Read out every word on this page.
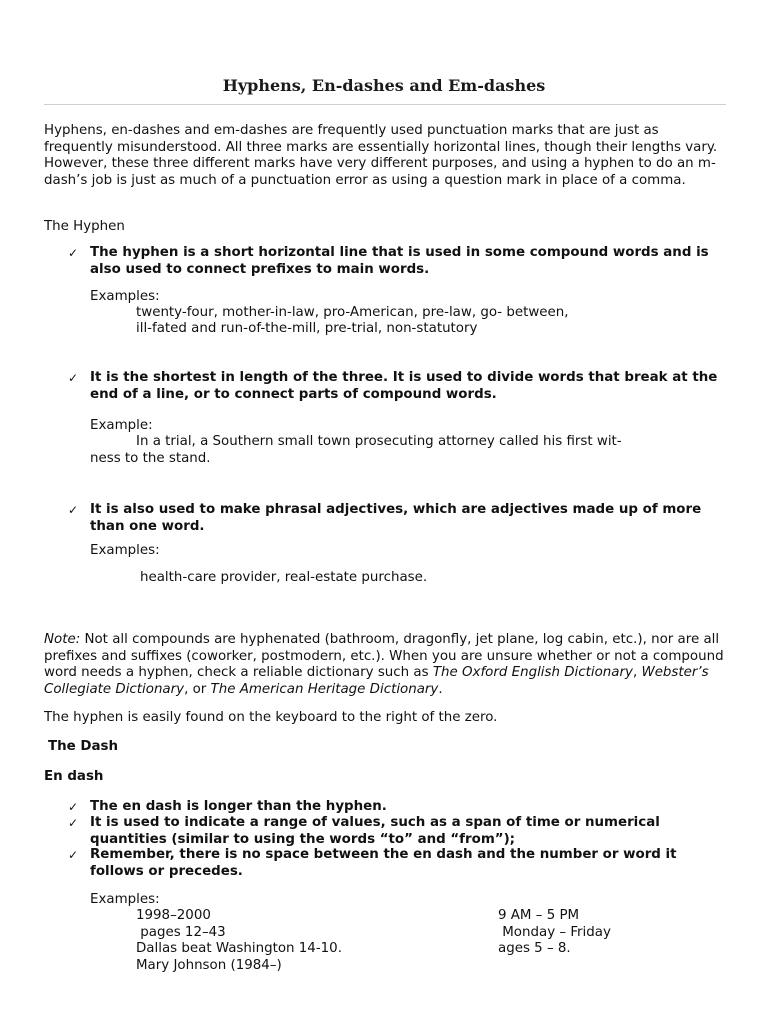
Hyphens, En-dashes and Em-dashes

Hyphens, en-dashes and em-dashes are frequently used punctuation marks that are just as frequently misunderstood. All three marks are essentially horizontal lines, though their lengths vary. However, these three different marks have very different purposes, and using a hyphen to do an m-dash’s job is just as much of a punctuation error as using a question mark in place of a comma.

The Hyphen

✓ The hyphen is a short horizontal line that is used in some compound words and is also used to connect prefixes to main words.

Examples:

twenty-four, mother-in-law, pro-American, pre-law, go- between,

ill-fated and run-of-the-mill, pre-trial, non-statutory

✓ It is the shortest in length of the three. It is used to divide words that break at the end of a line, or to connect parts of compound words.

Example:

In a trial, a Southern small town prosecuting attorney called his first wit-

ness to the stand.

✓ It is also used to make phrasal adjectives, which are adjectives made up of more than one word.

Examples:

health-care provider, real-estate purchase.

Note: Not all compounds are hyphenated (bathroom, dragonfly, jet plane, log cabin, etc.), nor are all prefixes and suffixes (coworker, postmodern, etc.). When you are unsure whether or not a compound word needs a hyphen, check a reliable dictionary such as The Oxford English Dictionary, Webster’s Collegiate Dictionary, or The American Heritage Dictionary.

The hyphen is easily found on the keyboard to the right of the zero.

The Dash

En dash

✓ The en dash is longer than the hyphen.

✓ It is used to indicate a range of values, such as a span of time or numerical quantities (similar to using the words “to” and “from”);

✓ Remember, there is no space between the en dash and the number or word it follows or precedes.

Examples:

1998–2000

pages 12–43

Dallas beat Washington 14-10.

Mary Johnson (1984–)

9 AM – 5 PM

Monday – Friday

ages 5 – 8.
